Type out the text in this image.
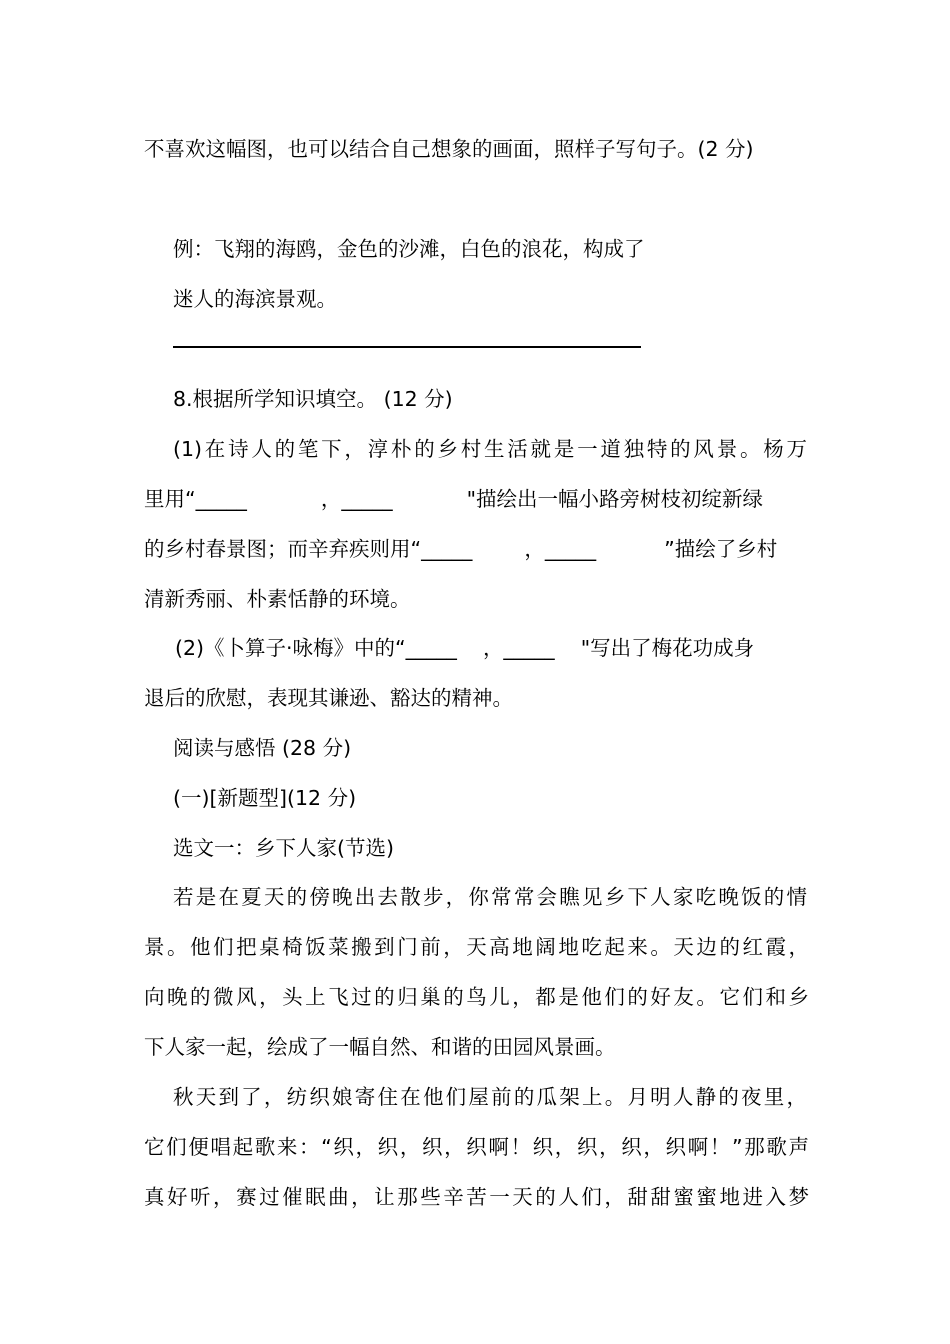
不喜欢这幅图，也可以结合自己想象的画面，照样子写句子。(2 分)
例：飞翔的海鸥，金色的沙滩，白色的浪花，构成了
迷人的海滨景观。
8.根据所学知识填空。 (12 分)
(1)在诗人的笔下，淳朴的乡村生活就是一道独特的风景。杨万
里用“_____	，_____	"描绘出一幅小路旁树枝初绽新绿
的乡村春景图；而辛弃疾则用“_____	，_____	”描绘了乡村
清新秀丽、朴素恬静的环境。
(2)《卜算子·咏梅》中的“_____ ，_____ "写出了梅花功成身
退后的欣慰，表现其谦逊、豁达的精神。
阅读与感悟 (28 分)
(一)[新题型](12 分)
选文一：乡下人家(节选)
若是在夏天的傍晚出去散步，你常常会瞧见乡下人家吃晚饭的情
景。他们把桌椅饭菜搬到门前，天高地阔地吃起来。天边的红霞，
向晚的微风，头上飞过的归巢的鸟儿，都是他们的好友。它们和乡
下人家一起，绘成了一幅自然、和谐的田园风景画。
秋天到了，纺织娘寄住在他们屋前的瓜架上。月明人静的夜里，
它们便唱起歌来：“织，织，织，织啊！织，织，织，织啊！”那歌声
真好听，赛过催眠曲，让那些辛苦一天的人们，甜甜蜜蜜地进入梦
